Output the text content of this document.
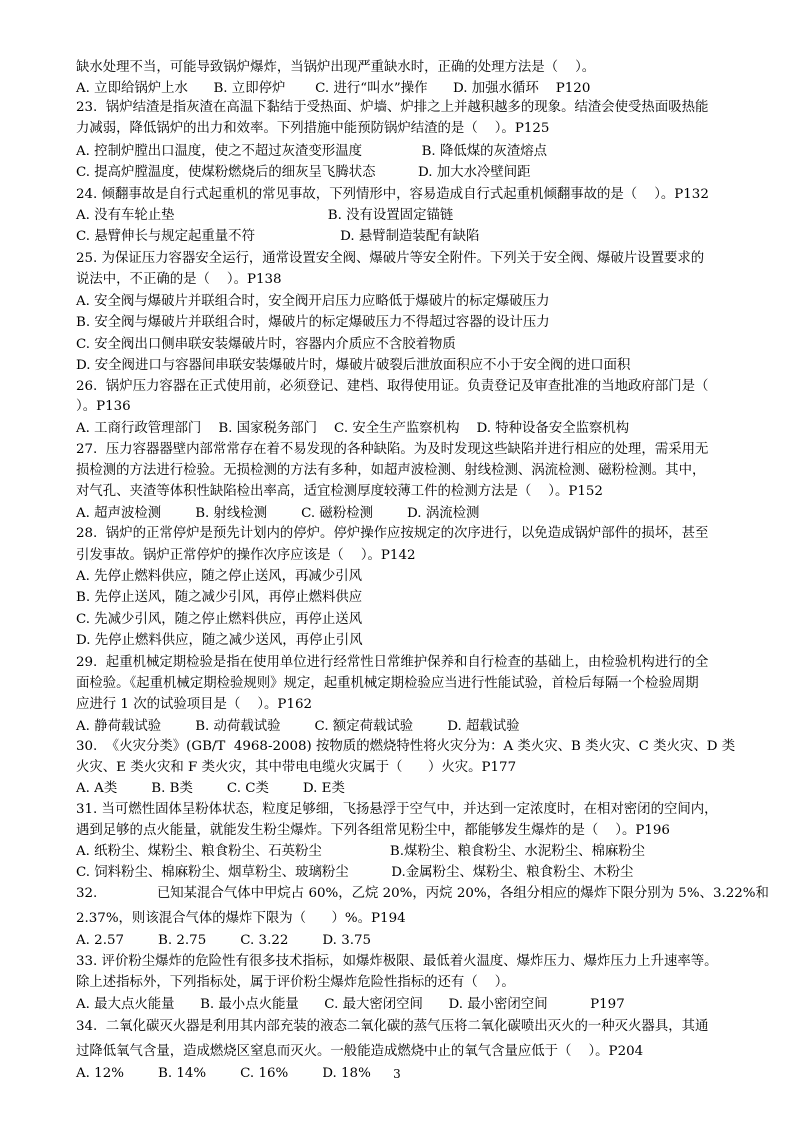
缺水处理不当，可能导致锅炉爆炸，当锅炉出现严重缺水时，正确的处理方法是（    ）。
A. 立即给锅炉上水      B. 立即停炉       C. 进行“叫水”操作      D. 加强水循环    P120
23.  锅炉结渣是指灰渣在高温下黏结于受热面、炉墙、炉排之上并越积越多的现象。结渣会使受热面吸热能
力减弱，降低锅炉的出力和效率。下列措施中能预防锅炉结渣的是（    ）。P125
A. 控制炉膛出口温度，使之不超过灰渣变形温度              B. 降低煤的灰渣熔点
C. 提高炉膛温度，使煤粉燃烧后的细灰呈飞腾状态          D. 加大水冷壁间距
24. 倾翻事故是自行式起重机的常见事故，下列情形中，容易造成自行式起重机倾翻事故的是（    ）。P132
A. 没有车轮止垫                                    B. 没有设置固定锚链
C. 悬臂伸长与规定起重量不符                    D. 悬臂制造装配有缺陷
25. 为保证压力容器安全运行，通常设置安全阀、爆破片等安全附件。下列关于安全阀、爆破片设置要求的
说法中，不正确的是（    ）。P138
A. 安全阀与爆破片并联组合时，安全阀开启压力应略低于爆破片的标定爆破压力
B. 安全阀与爆破片并联组合时，爆破片的标定爆破压力不得超过容器的设计压力
C. 安全阀出口侧串联安装爆破片时，容器内介质应不含胶着物质
D. 安全阀进口与容器间串联安装爆破片时，爆破片破裂后泄放面积应不小于安全阀的进口面积
26.  锅炉压力容器在正式使用前，必须登记、建档、取得使用证。负责登记及审查批准的当地政府部门是（
）。P136
A. 工商行政管理部门    B. 国家税务部门    C. 安全生产监察机构    D. 特种设备安全监察机构
27.  压力容器器壁内部常常存在着不易发现的各种缺陷。为及时发现这些缺陷并进行相应的处理，需采用无
损检测的方法进行检验。无损检测的方法有多种，如超声波检测、射线检测、涡流检测、磁粉检测。其中，
对气孔、夹渣等体积性缺陷检出率高，适宜检测厚度较薄工件的检测方法是（    ）。P152
A. 超声波检测        B. 射线检测        C. 磁粉检测        D. 涡流检测
28.  锅炉的正常停炉是预先计划内的停炉。停炉操作应按规定的次序进行，以免造成锅炉部件的损坏，甚至
引发事故。锅炉正常停炉的操作次序应该是（    ）。P142
A. 先停止燃料供应，随之停止送风，再减少引风
B. 先停止送风，随之减少引风，再停止燃料供应
C. 先减少引风，随之停止燃料供应，再停止送风
D. 先停止燃料供应，随之减少送风，再停止引风
29.  起重机械定期检验是指在使用单位进行经常性日常维护保养和自行检查的基础上，由检验机构进行的全
面检验。《起重机械定期检验规则》规定，起重机械定期检验应当进行性能试验，首检后每隔一个检验周期
应进行 1 次的试验项目是（    ）。P162
A. 静荷载试验        B. 动荷载试验        C. 额定荷载试验        D. 超载试验
30.  《火灾分类》(GB/T  4968-2008) 按物质的燃烧特性将火灾分为：A 类火灾、B 类火灾、C 类火灾、D 类
火灾、E 类火灾和 F 类火灾，其中带电电缆火灾属于（      ）火灾。P177
A. A类        B. B类        C. C类        D. E类
31. 当可燃性固体呈粉体状态，粒度足够细，飞扬悬浮于空气中，并达到一定浓度时，在相对密闭的空间内，
遇到足够的点火能量，就能发生粉尘爆炸。下列各组常见粉尘中，都能够发生爆炸的是（    ）。P196
A. 纸粉尘、煤粉尘、粮食粉尘、石英粉尘                B.煤粉尘、粮食粉尘、水泥粉尘、棉麻粉尘
C. 饲料粉尘、棉麻粉尘、烟草粉尘、玻璃粉尘          D.金属粉尘、煤粉尘、粮食粉尘、木粉尘
32.              已知某混合气体中甲烷占 60%，乙烷 20%，丙烷 20%，各组分相应的爆炸下限分别为 5%、3.22%和
2.37%，则该混合气体的爆炸下限为（      ）%。P194
A. 2.57        B. 2.75        C. 3.22        D. 3.75
33. 评价粉尘爆炸的危险性有很多技术指标，如爆炸极限、最低着火温度、爆炸压力、爆炸压力上升速率等。
除上述指标外，下列指标处，属于评价粉尘爆炸危险性指标的还有（    ）。
A. 最大点火能量      B. 最小点火能量      C. 最大密闭空间      D. 最小密闭空间          P197
34.  二氧化碳灭火器是利用其内部充装的液态二氧化碳的蒸气压将二氧化碳喷出灭火的一种灭火器具，其通
过降低氧气含量，造成燃烧区窒息而灭火。一般能造成燃烧中止的氧气含量应低于（    ）。P204
A. 12%        B. 14%        C. 16%        D. 18%	3
